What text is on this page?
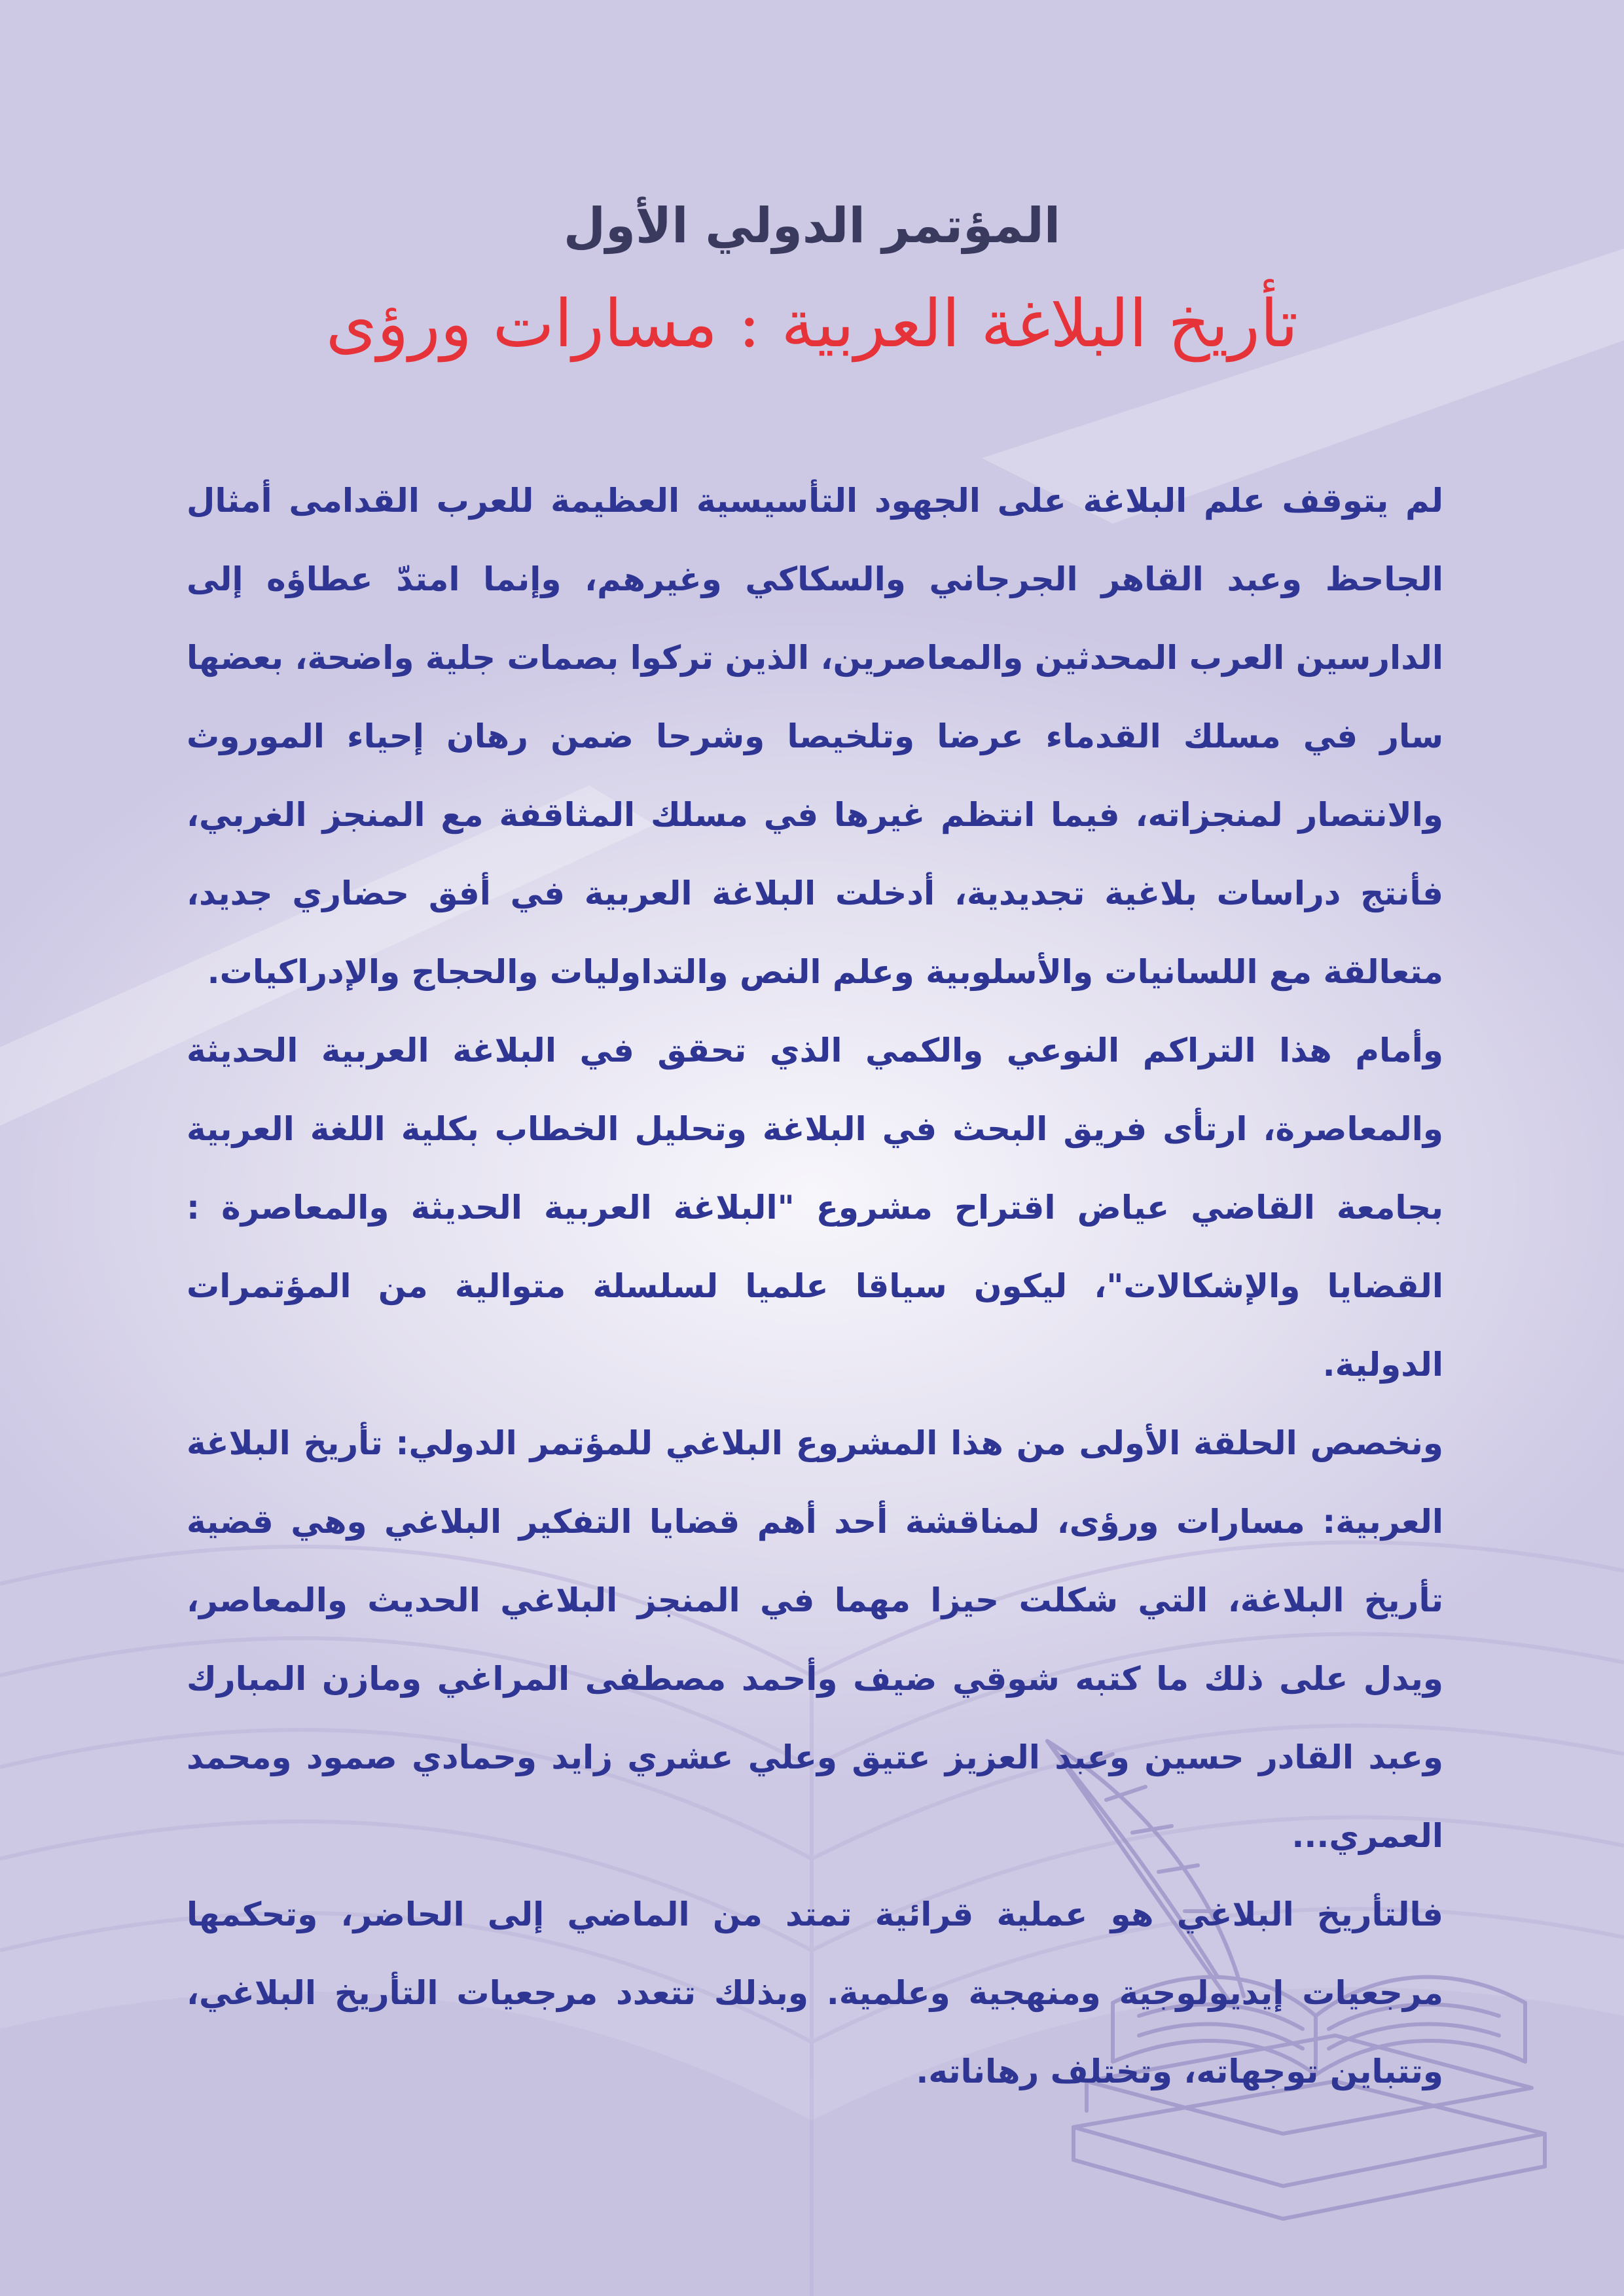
المؤتمر الدولي الأول
تأريخ البلاغة العربية : مسارات ورؤى

لم يتوقف علم البلاغة على الجهود التأسيسية العظيمة للعرب القدامى أمثال الجاحظ وعبد القاهر الجرجاني والسكاكي وغيرهم، وإنما امتدّ عطاؤه إلى الدارسين العرب المحدثين والمعاصرين، الذين تركوا بصمات جلية واضحة، بعضها سار في مسلك القدماء عرضا وتلخيصا وشرحا ضمن رهان إحياء الموروث والانتصار لمنجزاته، فيما انتظم غيرها في مسلك المثاقفة مع المنجز الغربي، فأنتج دراسات بلاغية تجديدية، أدخلت البلاغة العربية في أفق حضاري جديد، متعالقة مع اللسانيات والأسلوبية وعلم النص والتداوليات والحجاج والإدراكيات.

وأمام هذا التراكم النوعي والكمي الذي تحقق في البلاغة العربية الحديثة والمعاصرة، ارتأى فريق البحث في البلاغة وتحليل الخطاب بكلية اللغة العربية بجامعة القاضي عياض اقتراح مشروع "البلاغة العربية الحديثة والمعاصرة : القضايا والإشكالات"، ليكون سياقا علميا لسلسلة متوالية من المؤتمرات الدولية.

ونخصص الحلقة الأولى من هذا المشروع البلاغي للمؤتمر الدولي: تأريخ البلاغة العربية: مسارات ورؤى، لمناقشة أحد أهم قضايا التفكير البلاغي وهي قضية تأريخ البلاغة، التي شكلت حيزا مهما في المنجز البلاغي الحديث والمعاصر، ويدل على ذلك ما كتبه شوقي ضيف وأحمد مصطفى المراغي ومازن المبارك وعبد القادر حسين وعبد العزيز عتيق وعلي عشري زايد وحمادي صمود ومحمد العمري...

فالتأريخ البلاغي هو عملية قرائية تمتد من الماضي إلى الحاضر، وتحكمها مرجعيات إيديولوجية ومنهجية وعلمية. وبذلك تتعدد مرجعيات التأريخ البلاغي، وتتباين توجهاته، وتختلف رهاناته.
